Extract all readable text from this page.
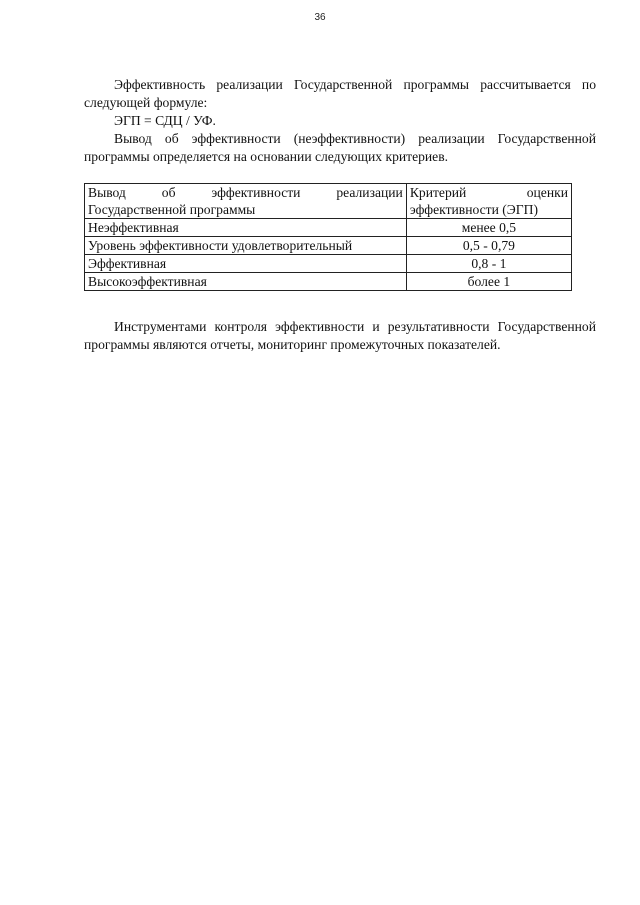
36

Эффективность реализации Государственной программы рассчитывается по следующей формуле:

ЭГП = СДЦ / УФ.

Вывод об эффективности (неэффективности) реализации Государственной программы определяется на основании следующих критериев.

Вывод об эффективности реализации
Государственной программы	Критерий оценки
эффективности (ЭГП)

Неэффективная	менее 0,5
Уровень эффективности удовлетворительный	0,5 - 0,79
Эффективная	0,8 - 1
Высокоэффективная	более 1

Инструментами контроля эффективности и результативности Государственной программы являются отчеты, мониторинг промежуточных показателей.
